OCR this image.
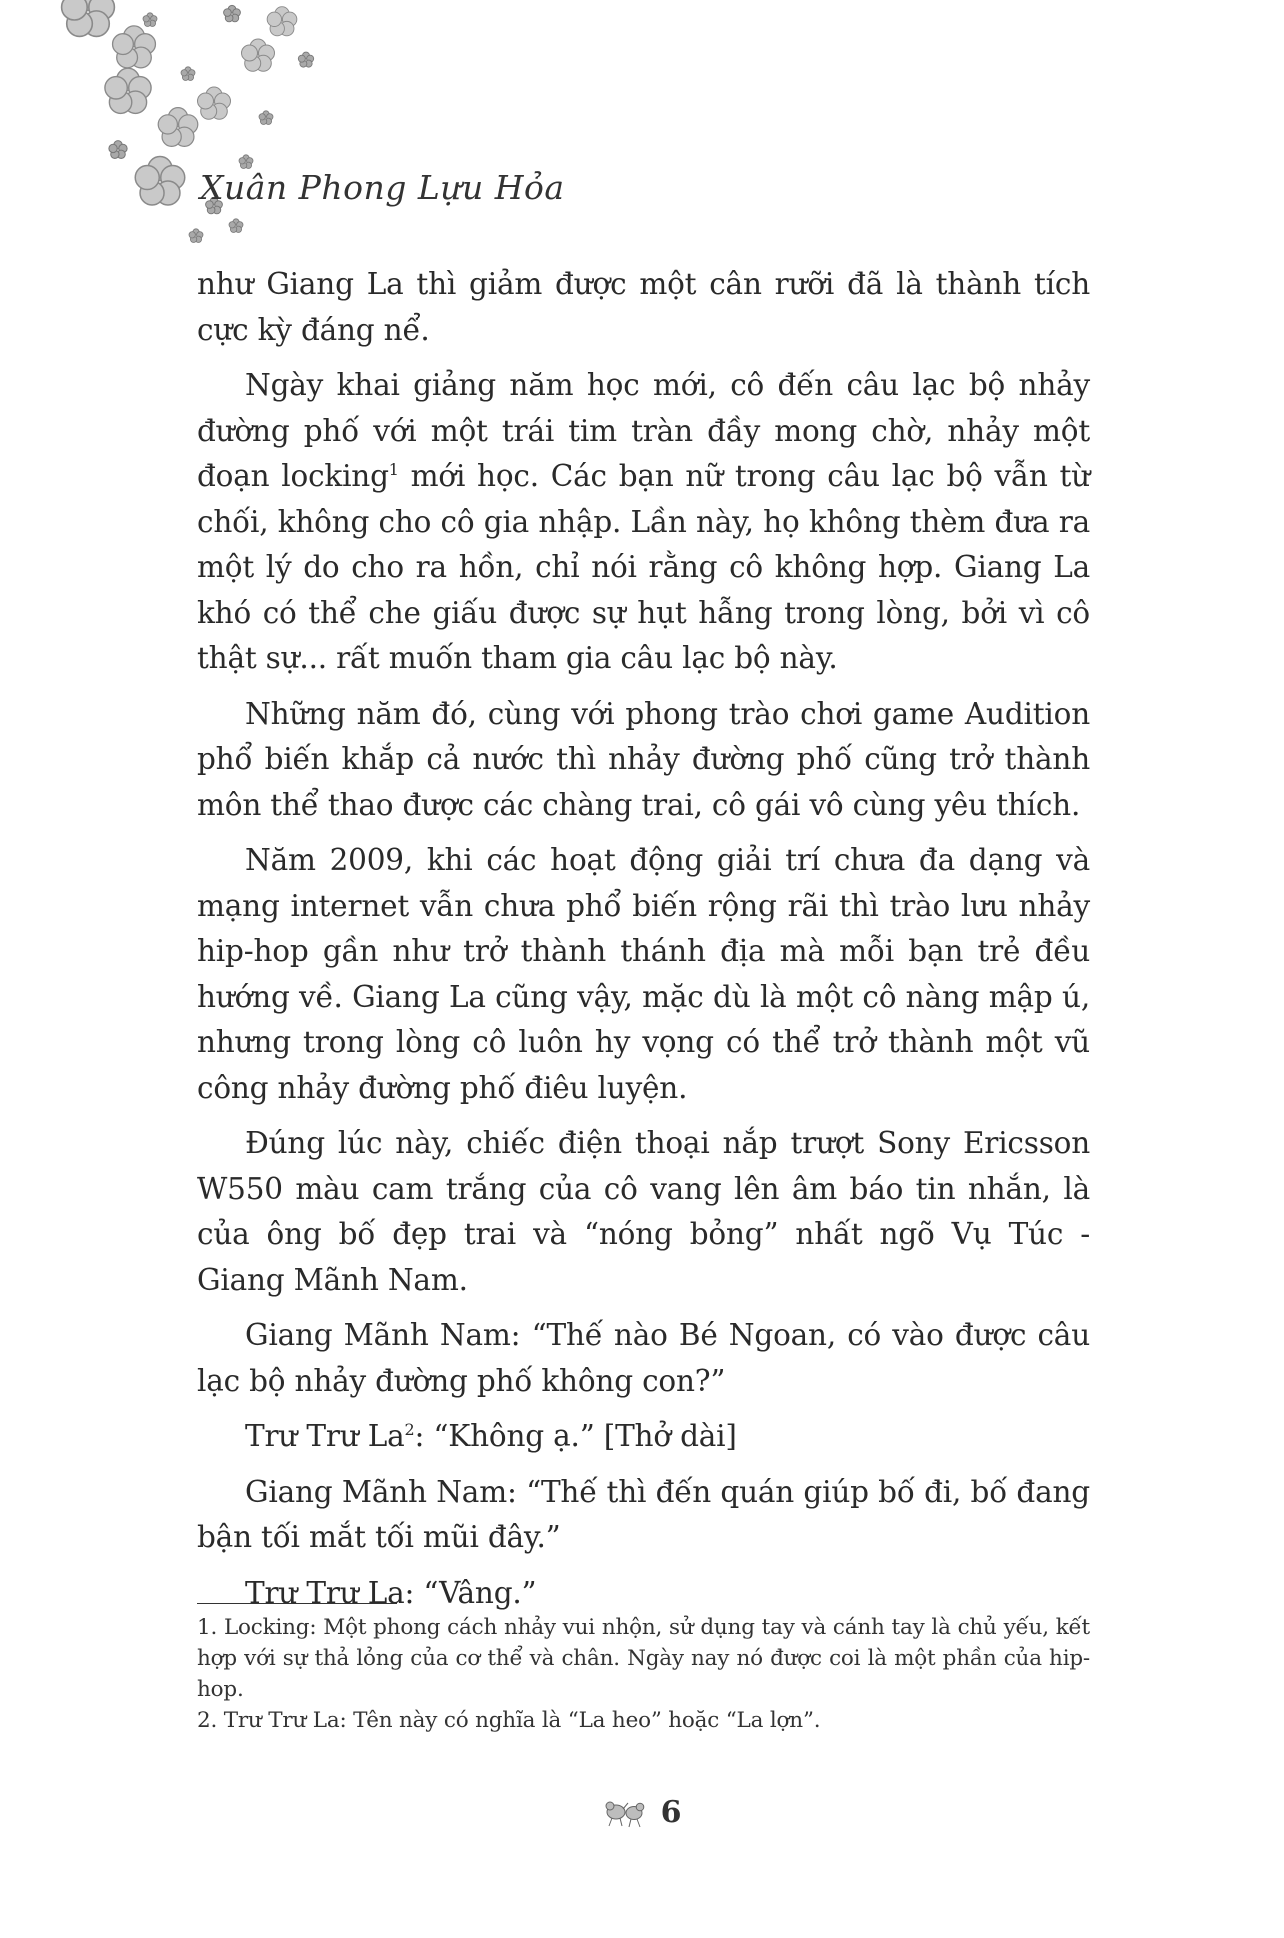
Xuân Phong Lựu Hỏa

như Giang La thì giảm được một cân rưỡi đã là thành tích cực kỳ đáng nể.

Ngày khai giảng năm học mới, cô đến câu lạc bộ nhảy đường phố với một trái tim tràn đầy mong chờ, nhảy một đoạn locking$^1$ mới học. Các bạn nữ trong câu lạc bộ vẫn từ chối, không cho cô gia nhập. Lần này, họ không thèm đưa ra một lý do cho ra hồn, chỉ nói rằng cô không hợp. Giang La khó có thể che giấu được sự hụt hẫng trong lòng, bởi vì cô thật sự... rất muốn tham gia câu lạc bộ này.

Những năm đó, cùng với phong trào chơi game Audition phổ biến khắp cả nước thì nhảy đường phố cũng trở thành môn thể thao được các chàng trai, cô gái vô cùng yêu thích.

Năm 2009, khi các hoạt động giải trí chưa đa dạng và mạng internet vẫn chưa phổ biến rộng rãi thì trào lưu nhảy hip-hop gần như trở thành thánh địa mà mỗi bạn trẻ đều hướng về. Giang La cũng vậy, mặc dù là một cô nàng mập ú, nhưng trong lòng cô luôn hy vọng có thể trở thành một vũ công nhảy đường phố điêu luyện.

Đúng lúc này, chiếc điện thoại nắp trượt Sony Ericsson W550 màu cam trắng của cô vang lên âm báo tin nhắn, là của ông bố đẹp trai và “nóng bỏng” nhất ngõ Vụ Túc - Giang Mãnh Nam.

Giang Mãnh Nam: “Thế nào Bé Ngoan, có vào được câu lạc bộ nhảy đường phố không con?”

Trư Trư La$^2$: “Không ạ.” [Thở dài]

Giang Mãnh Nam: “Thế thì đến quán giúp bố đi, bố đang bận tối mắt tối mũi đây.”

Trư Trư La: “Vâng.”

1. Locking: Một phong cách nhảy vui nhộn, sử dụng tay và cánh tay là chủ yếu, kết hợp với sự thả lỏng của cơ thể và chân. Ngày nay nó được coi là một phần của hip-hop.

2. Trư Trư La: Tên này có nghĩa là “La heo” hoặc “La lợn”.

6
